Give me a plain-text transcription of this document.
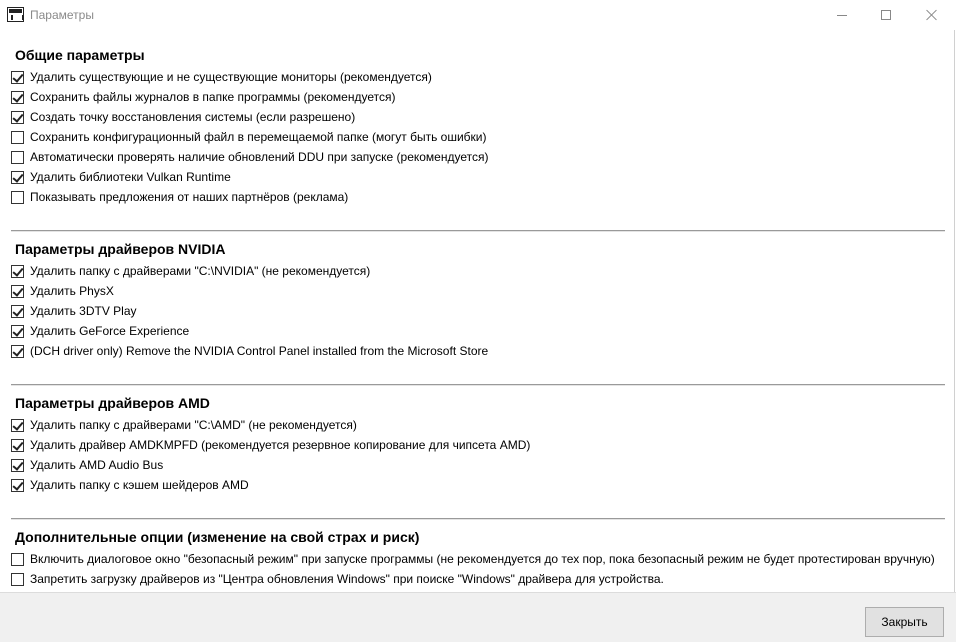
Параметры
Общие параметры
Удалить существующие и не существующие мониторы (рекомендуется)
Сохранить файлы журналов в папке программы (рекомендуется)
Создать точку восстановления системы (если разрешено)
Сохранить конфигурационный файл в перемещаемой папке (могут быть ошибки)
Автоматически проверять наличие обновлений DDU при запуске (рекомендуется)
Удалить библиотеки Vulkan Runtime
Показывать предложения от наших партнёров (реклама)
Параметры драйверов NVIDIA
Удалить папку с драйверами "C:\NVIDIA" (не рекомендуется)
Удалить PhysX
Удалить 3DTV Play
Удалить GeForce Experience
(DCH driver only) Remove the NVIDIA Control Panel installed from the Microsoft Store
Параметры драйверов AMD
Удалить папку с драйверами "C:\AMD" (не рекомендуется)
Удалить драйвер AMDKMPFD (рекомендуется резервное копирование для чипсета AMD)
Удалить AMD Audio Bus
Удалить папку с кэшем шейдеров AMD
Дополнительные опции (изменение на свой страх и риск)
Включить диалоговое окно "безопасный режим" при запуске программы (не рекомендуется до тех пор, пока безопасный режим не будет протестирован вручную)
Запретить загрузку драйверов из "Центра обновления Windows" при поиске "Windows" драйвера для устройства.
Закрыть
